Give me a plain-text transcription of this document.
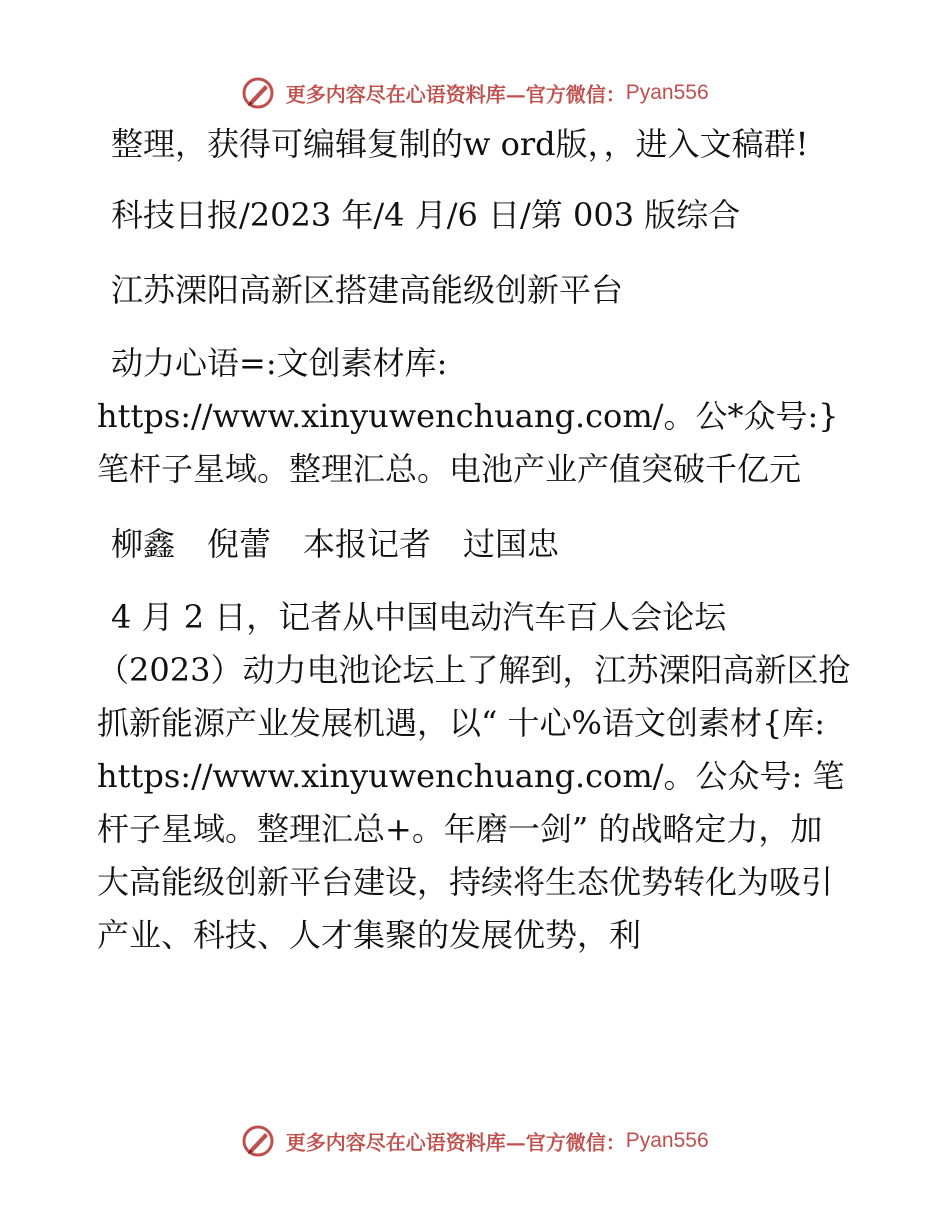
更多内容尽在心语资料库—官方微信：Pyan556

整理，获得可编辑复制的w ord版，，进入文稿群!

科技日报/2023 年/4 月/6 日/第 003 版综合

江苏溧阳高新区搭建高能级创新平台

动力心语=:文创素材库: https://www.xinyuwenchuang.com/。公*众号:}笔杆子星域。整理汇总。电池产业产值突破千亿元

柳鑫　倪蕾　本报记者　过国忠

4 月 2 日，记者从中国电动汽车百人会论坛（2023）动力电池论坛上了解到，江苏溧阳高新区抢抓新能源产业发展机遇，以“ 十心%语文创素材{库: https://www.xinyuwenchuang.com/。公众号: 笔杆子星域。整理汇总+。年磨一剑” 的战略定力，加大高能级创新平台建设，持续将生态优势转化为吸引产业、科技、人才集聚的发展优势，利

更多内容尽在心语资料库—官方微信：Pyan556
